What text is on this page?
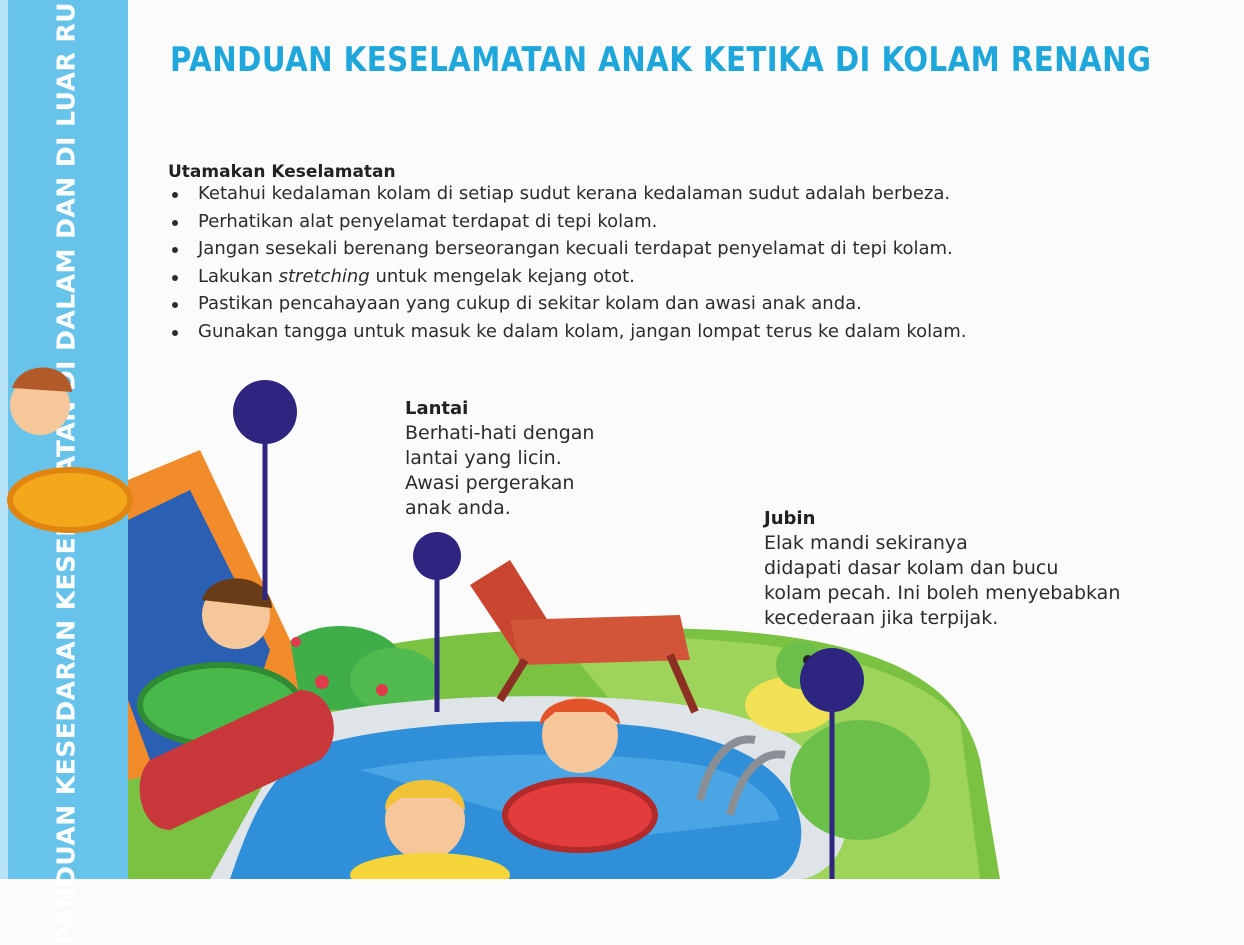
PANDUAN KESELAMATAN ANAK KETIKA DI KOLAM RENANG
Utamakan Keselamatan
Ketahui kedalaman kolam di setiap sudut kerana kedalaman sudut adalah berbeza.
Perhatikan alat penyelamat terdapat di tepi kolam.
Jangan sesekali berenang berseorangan kecuali terdapat penyelamat di tepi kolam.
Lakukan stretching untuk mengelak kejang otot.
Pastikan pencahayaan yang cukup di sekitar kolam dan awasi anak anda.
Gunakan tangga untuk masuk ke dalam kolam, jangan lompat terus ke dalam kolam.
Lantai
Berhati-hati dengan
lantai yang licin.
Awasi pergerakan
anak anda.	Jubin
Elak mandi sekiranya
didapati dasar kolam dan bucu
kolam pecah. Ini boleh menyebabkan
kecederaan jika terpijak.
